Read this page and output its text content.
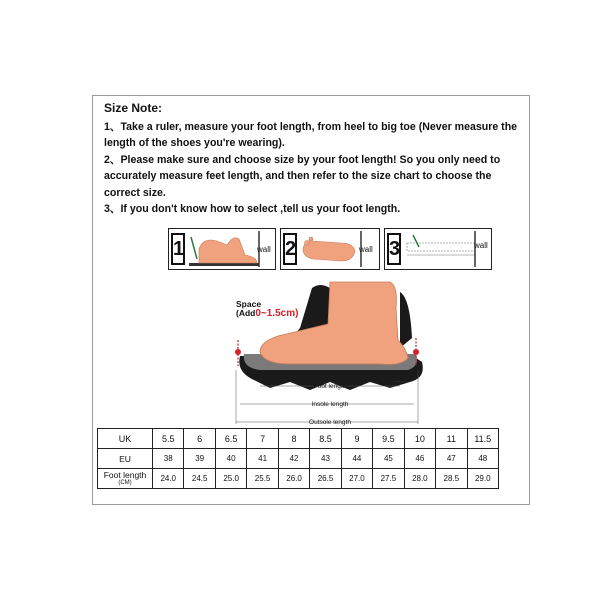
Size Note:

1、Take a ruler, measure your foot length, from heel to big toe (Never measure the length of the shoes you're wearing).

2、Please make sure and choose size by your foot length! So you only need to accurately measure feet length, and then refer to the size chart to choose the correct size.

3、If you don't know how to select ,tell us your foot length.

1	wall 2	wall 3	wall
Foot length
Insole length
Outsole length
Space
(Add0~1.5cm)
UK	5.5	6	6.5	7	8	8.5	9	9.5	10	11	11.5
EU	38	39	40	41	42	43	44	45	46	47	48
Foot length
(CM)	24.0	24.5	25.0	25.5	26.0	26.5	27.0	27.5	28.0	28.5	29.0
